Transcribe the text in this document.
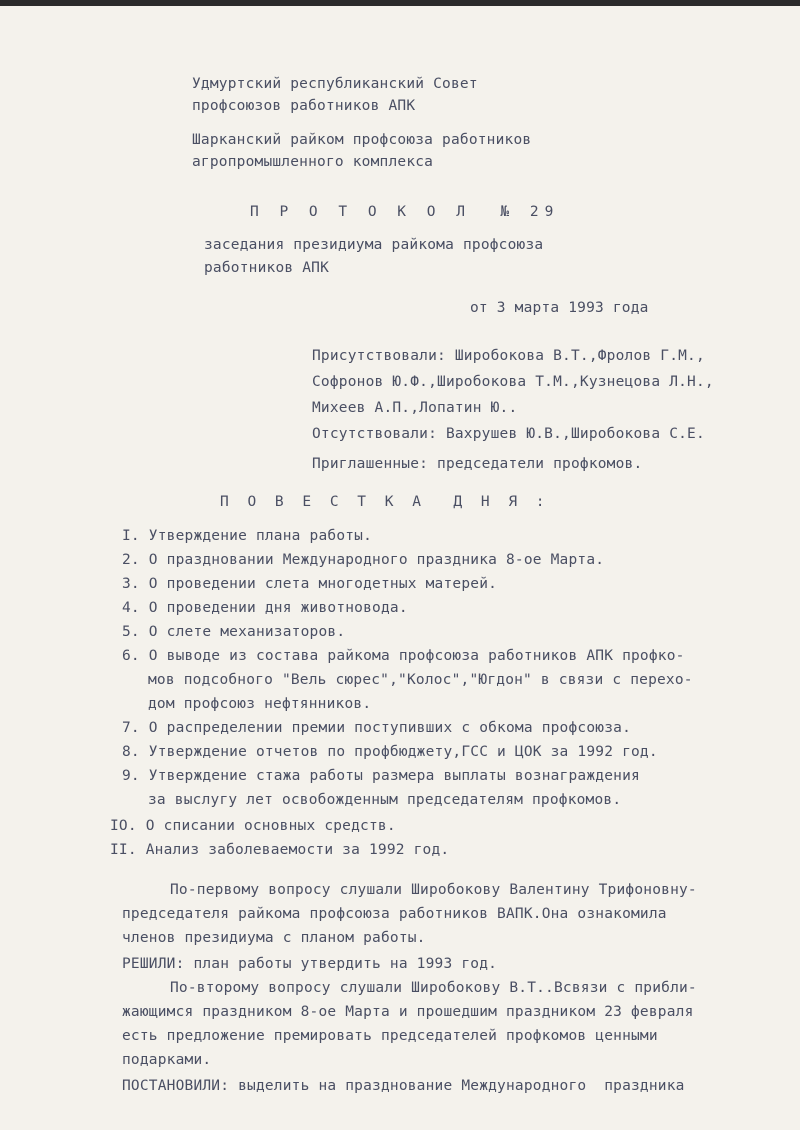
Удмуртский республиканский Совет
профсоюзов работников АПК
Шарканский райком профсоюза работников
агропромышленного комплекса
П Р О Т О К О Л  № 29
заседания президиума райкома профсоюза
работников АПК
от 3 марта 1993 года
Присутствовали: Широбокова В.Т.,Фролов Г.М.,
Софронов Ю.Ф.,Широбокова Т.М.,Кузнецова Л.Н.,
Михеев А.П.,Лопатин Ю..
Отсутствовали: Вахрушев Ю.В.,Широбокова С.Е.
Приглашенные: председатели профкомов.
П О В Е С Т К А  Д Н Я :
I. Утверждение плана работы.
2. О праздновании Международного праздника 8-ое Марта.
3. О проведении слета многодетных матерей.
4. О проведении дня животновода.
5. О слете механизаторов.
6. О выводе из состава райкома профсоюза работников АПК профко-
мов подсобного "Вель сюрес","Колос","Югдон" в связи с перехо-
дом профсоюз нефтянников.
7. О распределении премии поступивших с обкома профсоюза.
8. Утверждение отчетов по профбюджету,ГСС и ЦОК за 1992 год.
9. Утверждение стажа работы размера выплаты вознаграждения
за выслугу лет освобожденным председателям профкомов.
IO. О списании основных средств.
II. Анализ заболеваемости за 1992 год.
По-первому вопросу слушали Широбокову Валентину Трифоновну-
председателя райкома профсоюза работников ВАПК.Она ознакомила
членов президиума с планом работы.
РЕШИЛИ: план работы утвердить на 1993 год.
По-второму вопросу слушали Широбокову В.Т..Всвязи с прибли-
жающимся праздником 8-ое Марта и прошедшим праздником 23 февраля
есть предложение премировать председателей профкомов ценными
подарками.
ПОСТАНОВИЛИ: выделить на празднование Международного  праздника
